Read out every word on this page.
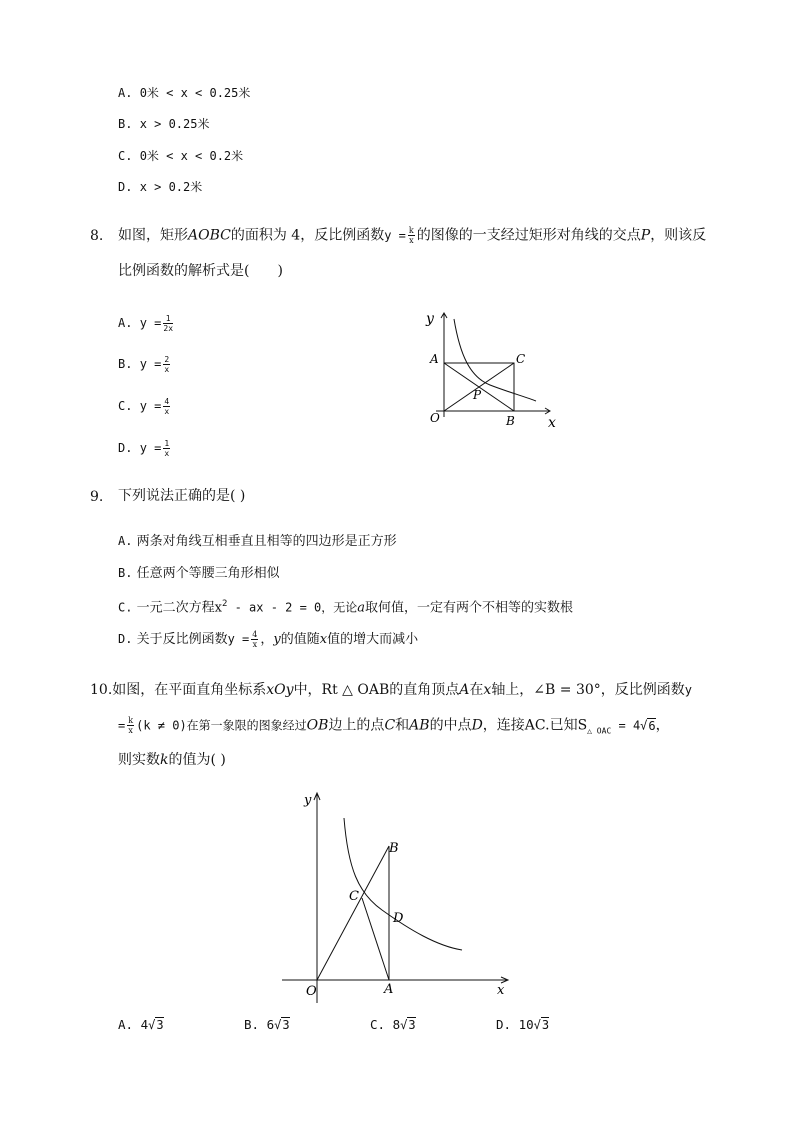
A. 0米 < x < 0.25米
B. x > 0.25米
C. 0米 < x < 0.2米
D. x > 0.2米
8. 如图，矩形AOBC的面积为 4，反比例函数$y = \frac{k}{x}$ 的图像的一支经过矩形对角线的交点P，则该反
比例函数的解析式是(　　)
A. $y = \frac{1}{2x}$
B. $y = \frac{2}{x}$
C. $y = \frac{4}{x}$
D. $y = \frac{1}{x}$
y
x
A	C
P
O	B
9. 下列说法正确的是( )
A. 两条对角线互相垂直且相等的四边形是正方形
B. 任意两个等腰三角形相似
C. 一元二次方程$x^2$ - ax - 2 = 0，无论a取何值，一定有两个不相等的实数根
D. 关于反比例函数$y = \frac{4}{x}$ ，y的值随x值的增大而减小
10.如图，在平面直角坐标系xOy中，Rt △ OAB的直角顶点A在x轴上，∠B = 30°，反比例函数y
= $\frac{k}{x} (k \ne 0)$在第一象限的图象经过OB边上的点C和AB的中点D，连接AC.已知$S_{\triangle OAC} = 4√6$，
则实数k的值为( )
y
x
B
C
D
O	A
A. 4√3	B. 6√3	C. 8√3	D. 10√3
